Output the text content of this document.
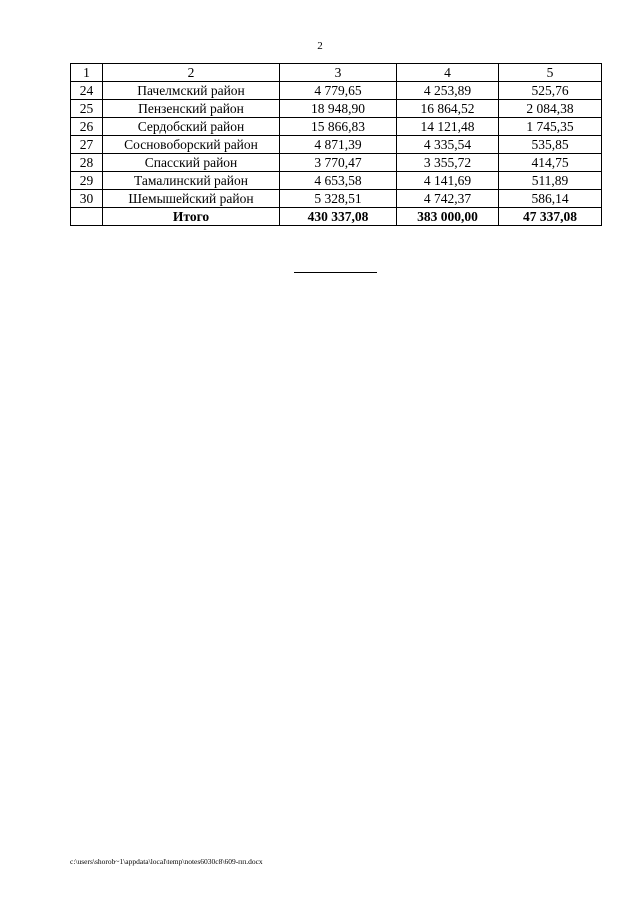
2
1	2	3	4	5
24	Пачелмский район	4 779,65	4 253,89	525,76
25	Пензенский район	18 948,90	16 864,52	2 084,38
26	Сердобский район	15 866,83	14 121,48	1 745,35
27	Сосновоборский район	4 871,39	4 335,54	535,85
28	Спасский район	3 770,47	3 355,72	414,75
29	Тамалинский район	4 653,58	4 141,69	511,89
30	Шемышейский район	5 328,51	4 742,37	586,14
	Итого	430 337,08	383 000,00	47 337,08
c:\users\shorob~1\appdata\local\temp\notes6030c8\609-пп.docx
